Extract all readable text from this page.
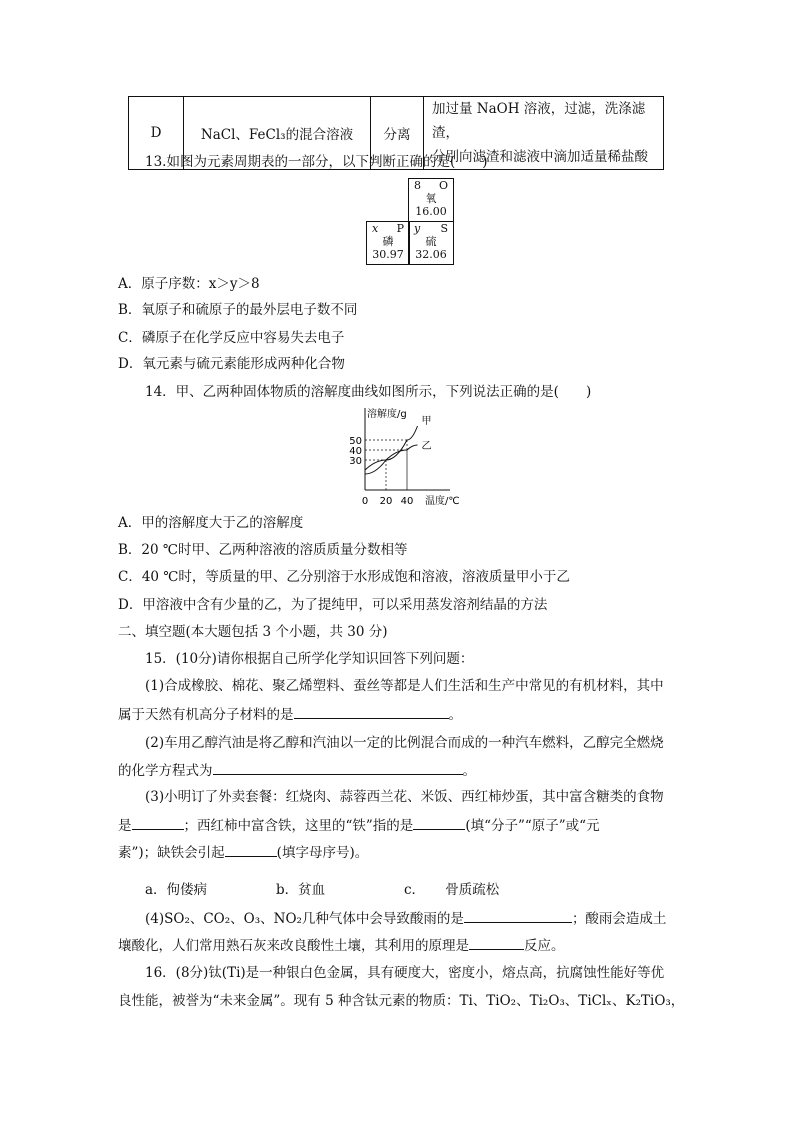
D	NaCl、FeCl₃的混合溶液	分离	
加过量 NaOH 溶液，过滤，洗涤滤渣，
分别向滤渣和滤液中滴加适量稀盐酸
13.如图为元素周期表的一部分，以下判断正确的是(　　)
8 O
氧
16.00
x P
磷
30.97
y S
硫
32.06
A．原子序数：x＞y＞8
B．氧原子和硫原子的最外层电子数不同
C．磷原子在化学反应中容易失去电子
D．氧元素与硫元素能形成两种化合物
14．甲、乙两种固体物质的溶解度曲线如图所示，下列说法正确的是(　　)
溶解度/g
温度/℃
0 20 40
30
40
50
甲
乙
A．甲的溶解度大于乙的溶解度
B．20 ℃时甲、乙两种溶液的溶质质量分数相等
C．40 ℃时，等质量的甲、乙分别溶于水形成饱和溶液，溶液质量甲小于乙
D．甲溶液中含有少量的乙，为了提纯甲，可以采用蒸发溶剂结晶的方法
二、填空题(本大题包括 3 个小题，共 30 分)
15．(10分)请你根据自己所学化学知识回答下列问题：
(1)合成橡胶、棉花、聚乙烯塑料、蚕丝等都是人们生活和生产中常见的有机材料，其中
属于天然有机高分子材料的是	。
(2)车用乙醇汽油是将乙醇和汽油以一定的比例混合而成的一种汽车燃料，乙醇完全燃烧
的化学方程式为	。
(3)小明订了外卖套餐：红烧肉、蒜蓉西兰花、米饭、西红柿炒蛋，其中富含糖类的食物
是	；西红柿中富含铁，这里的“铁”指的是	(填“分子”“原子”或“元
素”)；缺铁会引起	(填字母序号)。
a．佝偻病	b．贫血	c．　　骨质疏松
(4)SO₂、CO₂、O₃、NO₂几种气体中会导致酸雨的是	；酸雨会造成土
壤酸化，人们常用熟石灰来改良酸性土壤，其利用的原理是	反应。
16．(8分)钛(Ti)是一种银白色金属，具有硬度大，密度小，熔点高，抗腐蚀性能好等优
良性能，被誉为“未来金属”。现有 5 种含钛元素的物质：Ti、TiO₂、Ti₂O₃、TiClₓ、K₂TiO₃，
